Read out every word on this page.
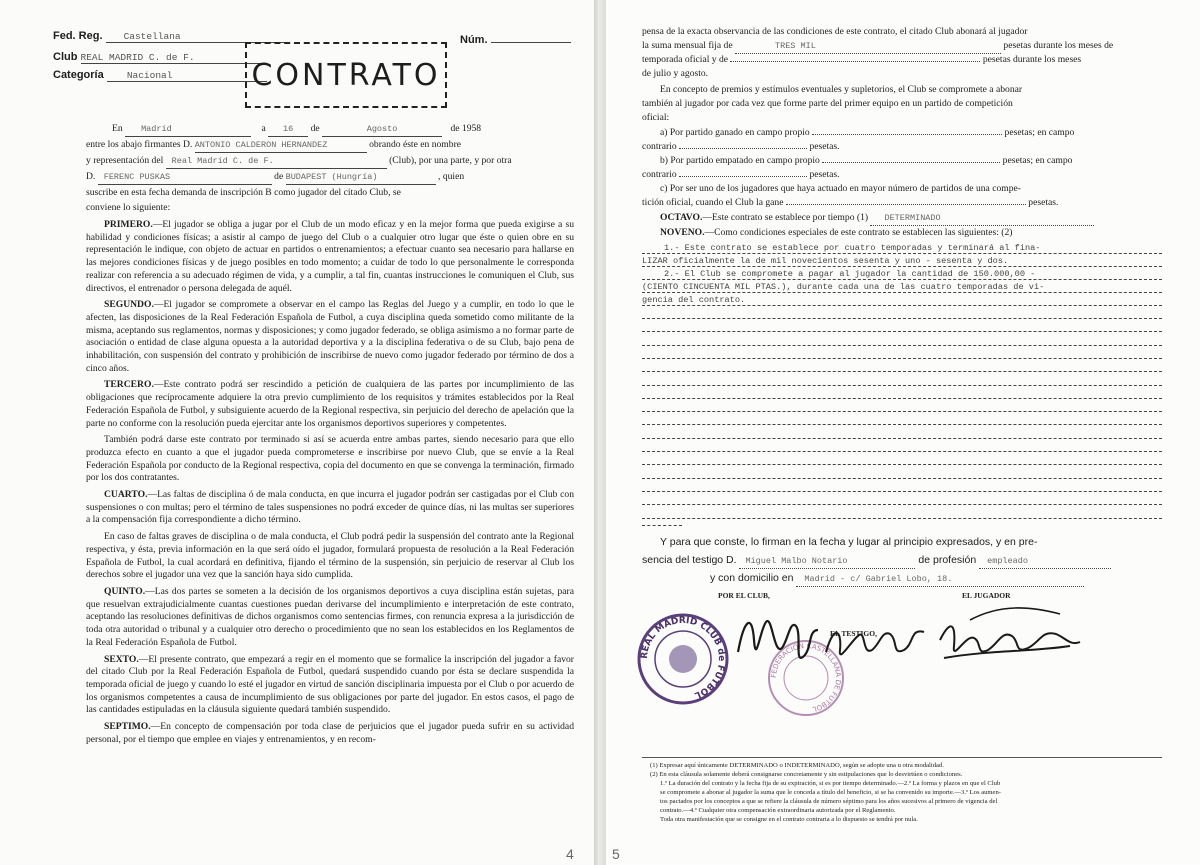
Fed. Reg. Castellana	Núm.
Club REAL MADRID C. de F.
Categoría Nacional	CONTRATO
En Madrid	a 16 de	Agosto	de 1958
entre los abajo firmantes D. ANTONIO CALDERON HERNANDEZ	obrando éste en nombre
y representación del Real Madrid C. de F.	(Club), por una parte, y por otra
D. FERENC PUSKAS	de BUDAPEST (Hungría)	, quien
suscribe en esta fecha demanda de inscripción B como jugador del citado Club, se
conviene lo siguiente:

PRIMERO.—El jugador se obliga a jugar por el Club de un modo eficaz y en la mejor forma que pueda exigirse a su habilidad y condiciones físicas; a asistir al campo de juego del Club o a cualquier otro lugar que éste o quien obre en su representación le indique, con objeto de actuar en partidos o entrenamientos; a efectuar cuanto sea necesario para hallarse en las mejores condiciones físicas y de juego posibles en todo momento; a cuidar de todo lo que personalmente le corresponda realizar con referencia a su adecuado régimen de vida, y a cumplir, a tal fin, cuantas instrucciones le comuniquen el Club, sus directivos, el entrenador o persona delegada de aquél.

SEGUNDO.—El jugador se compromete a observar en el campo las Reglas del Juego y a cumplir, en todo lo que le afecten, las disposiciones de la Real Federación Española de Futbol, a cuya disciplina queda sometido como militante de la misma, aceptando sus reglamentos, normas y disposiciones; y como jugador federado, se obliga asimismo a no formar parte de asociación o entidad de clase alguna opuesta a la autoridad deportiva y a la disciplina federativa o de su Club, bajo pena de inhabilitación, con suspensión del contrato y prohibición de inscribirse de nuevo como jugador federado por término de dos a cinco años.

TERCERO.—Este contrato podrá ser rescindido a petición de cualquiera de las partes por incumplimiento de las obligaciones que recíprocamente adquiere la otra previo cumplimiento de los requisitos y trámites establecidos por la Real Federación Española de Futbol, y subsiguiente acuerdo de la Regional respectiva, sin perjuicio del derecho de apelación que la parte no conforme con la resolución pueda ejercitar ante los organismos deportivos superiores y competentes.

También podrá darse este contrato por terminado si así se acuerda entre ambas partes, siendo necesario para que ello produzca efecto en cuanto a que el jugador pueda comprometerse e inscribirse por nuevo Club, que se envíe a la Real Federación Española por conducto de la Regional respectiva, copia del documento en que se convenga la terminación, firmado por los dos contratantes.

CUARTO.—Las faltas de disciplina ó de mala conducta, en que incurra el jugador podrán ser castigadas por el Club con suspensiones o con multas; pero el término de tales suspensiones no podrá exceder de quince días, ni las multas ser superiores a la compensación fija correspondiente a dicho término.

En caso de faltas graves de disciplina o de mala conducta, el Club podrá pedir la suspensión del contrato ante la Regional respectiva, y ésta, previa información en la que será oído el jugador, formulará propuesta de resolución a la Real Federación Española de Futbol, la cual acordará en definitiva, fijando el término de la suspensión, sin perjuicio de reservar al Club los derechos sobre el jugador una vez que la sanción haya sido cumplida.

QUINTO.—Las dos partes se someten a la decisión de los organismos deportivos a cuya disciplina están sujetas, para que resuelvan extrajudicialmente cuantas cuestiones puedan derivarse del incumplimiento e interpretación de este contrato, aceptando las resoluciones definitivas de dichos organismos como sentencias firmes, con renuncia expresa a la jurisdicción de toda otra autoridad o tribunal y a cualquier otro derecho o procedimiento que no sean los establecidos en los Reglamentos de la Real Federación Española de Futbol.

SEXTO.—El presente contrato, que empezará a regir en el momento que se formalice la inscripción del jugador a favor del citado Club por la Real Federación Española de Futbol, quedará suspendido cuando por ésta se declare suspendida la temporada oficial de juego y cuando lo esté el jugador en virtud de sanción disciplinaria impuesta por el Club o por acuerdo de los organismos competentes a causa de incumplimiento de sus obligaciones por parte del jugador. En estos casos, el pago de las cantidades estipuladas en la cláusula siguiente quedará también suspendido.

SEPTIMO.—En concepto de compensación por toda clase de perjuicios que el jugador pueda sufrir en su actividad personal, por el tiempo que emplee en viajes y entrenamientos, y en recom-

4
pensa de la exacta observancia de las condiciones de este contrato, el citado Club abonará al jugador
la suma mensual fija de	TRES MIL	pesetas durante los meses de
temporada oficial y de	pesetas durante los meses
de julio y agosto.
En concepto de premios y estímulos eventuales y supletorios, el Club se compromete a abonar
también al jugador por cada vez que forme parte del primer equipo en un partido de competición
oficial:
a) Por partido ganado en campo propio	pesetas; en campo
contrario	pesetas.
b) Por partido empatado en campo propio	pesetas; en campo
contrario	pesetas.
c) Por ser uno de los jugadores que haya actuado en mayor número de partidos de una compe-
tición oficial, cuando el Club la gane	pesetas.
OCTAVO.—Este contrato se establece por tiempo (1) DETERMINADO
NOVENO.—Como condiciones especiales de este contrato se establecen las siguientes: (2)
1.- Este contrato se establece por cuatro temporadas y terminará al fina-
LIZAR oficialmente la de mil novecientos sesenta y uno - sesenta y dos.
2.- El Club se compromete a pagar al jugador la cantidad de 150.000,00 -
(CIENTO CINCUENTA MIL PTAS.), durante cada una de las cuatro temporadas de vi-
gencia del contrato.
Y para que conste, lo firman en la fecha y lugar al principio expresados, y en pre-
sencia del testigo D. Miguel Malbo Notario	de profesión empleado
y con domicilio en Madrid - c/ Gabriel Lobo, 18.
POR EL CLUB,	EL JUGADOR
EL TESTIGO,
REAL MADRID CLUB de FUTBOL
FEDERACIÓN CASTELLANA DE FUTBOL
(1) Expresar aquí únicamente DETERMINADO o INDETERMINADO, según se adopte una u otra modalidad.
(2) En esta cláusula solamente deberá consignarse concretamente y sin estipulaciones que lo desvirtúen o condiciones.
1.º La duración del contrato y la fecha fija de su expiración, si es por tiempo determinado.—2.º La forma y plazos en que el Club
se compromete a abonar al jugador la suma que le conceda a título del beneficio, si se ha convenido su importe.—3.º Los aumen-
tos pactados por los conceptos a que se refiere la cláusula de número séptimo para los años sucesivos al primero de vigencia del
contrato.—4.º Cualquier otra compensación extraordinaria autorizada por el Reglamento.
Toda otra manifestación que se consigne en el contrato contraria a lo dispuesto se tendrá por nula.
5
